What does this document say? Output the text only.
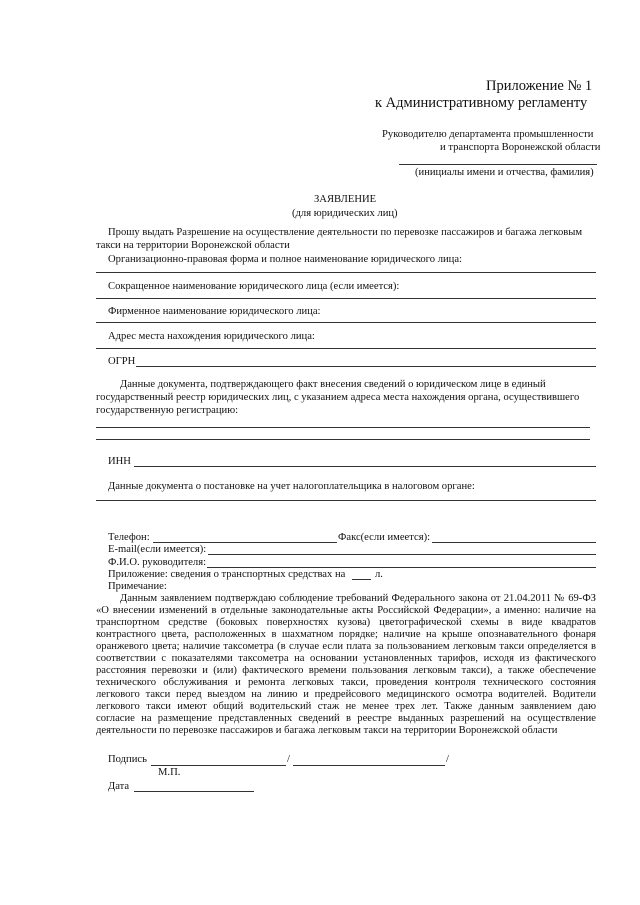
Приложение № 1
к Административному регламенту
Руководителю департамента промышленности
и транспорта Воронежской области
(инициалы имени и отчества, фамилия)
ЗАЯВЛЕНИЕ
(для юридических лиц)
Прошу выдать Разрешение на осуществление деятельности по перевозке пассажиров и багажа легковым
такси на территории Воронежской области
Организационно-правовая форма и полное наименование юридического лица:
Сокращенное наименование юридического лица (если имеется):
Фирменное наименование юридического лица:
Адрес места нахождения юридического лица:
ОГРН
Данные документа, подтверждающего факт внесения сведений о юридическом лице в единый
государственный реестр юридических лиц, с указанием адреса места нахождения органа, осуществившего
государственную регистрацию:
ИНН
Данные документа о постановке на учет налогоплательщика в налоговом органе:
Телефон:	Факс(если имеется):
E-mail(если имеется):
Ф.И.О. руководителя:
Приложение: сведения о транспортных средствах на	л.
Примечание:
Данным заявлением подтверждаю соблюдение требований Федерального закона от 21.04.2011 № 69-ФЗ
«О внесении изменений в отдельные законодательные акты Российской Федерации», а именно: наличие на
транспортном средстве (боковых поверхностях кузова) цветографической схемы в виде квадратов
контрастного цвета, расположенных в шахматном порядке; наличие на крыше опознавательного фонаря
оранжевого цвета; наличие таксометра (в случае если плата за пользованием легковым такси определяется в
соответствии с показателями таксометра на основании установленных тарифов, исходя из фактического
расстояния перевозки и (или) фактического времени пользования легковым такси), а также обеспечение
технического обслуживания и ремонта легковых такси, проведения контроля технического состояния
легкового такси перед выездом на линию и предрейсового медицинского осмотра водителей. Водители
легкового такси имеют общий водительский стаж не менее трех лет. Также данным заявлением даю
согласие на размещение представленных сведений в реестре выданных разрешений на осуществление
деятельности по перевозке пассажиров и багажа легковым такси на территории Воронежской области
Подпись	/	/
М.П.
Дата
